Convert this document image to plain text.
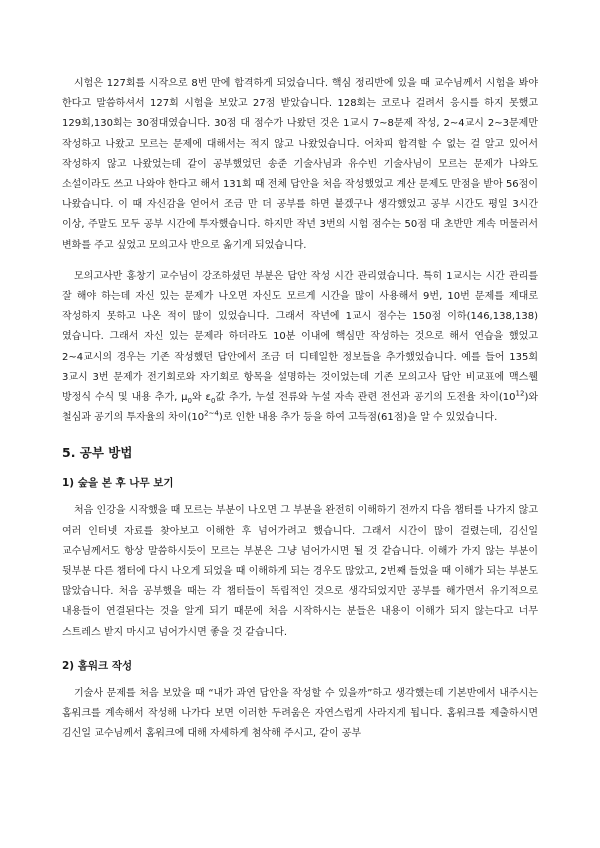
시험은 127회를 시작으로 8번 만에 합격하게 되었습니다. 핵심 정리반에 있을 때 교수님께서 시험을 봐야 한다고 말씀하셔서 127회 시험을 보았고 27점 받았습니다. 128회는 코로나 걸려서 응시를 하지 못했고 129회,130회는 30점대였습니다. 30점 대 점수가 나왔던 것은 1교시 7~8문제 작성, 2~4교시 2~3문제만 작성하고 나왔고 모르는 문제에 대해서는 적지 않고 나왔었습니다. 어차피 합격할 수 없는 걸 알고 있어서 작성하지 않고 나왔었는데 같이 공부했었던 송준 기술사님과 유수빈 기술사님이 모르는 문제가 나와도 소설이라도 쓰고 나와야 한다고 해서 131회 때 전체 답안을 처음 작성했었고 계산 문제도 만점을 받아 56점이 나왔습니다. 이 때 자신감을 얻어서 조금 만 더 공부를 하면 붙겠구나 생각했었고 공부 시간도 평일 3시간 이상, 주말도 모두 공부 시간에 투자했습니다. 하지만 작년 3번의 시험 점수는 50점 대 초반만 계속 머물러서 변화를 주고 싶었고 모의고사 반으로 옮기게 되었습니다.

모의고사반 홍창기 교수님이 강조하셨던 부분은 답안 작성 시간 관리였습니다. 특히 1교시는 시간 관리를 잘 해야 하는데 자신 있는 문제가 나오면 자신도 모르게 시간을 많이 사용해서 9번, 10번 문제를 제대로 작성하지 못하고 나온 적이 많이 있었습니다. 그래서 작년에 1교시 점수는 150점 이하(146,138,138)였습니다. 그래서 자신 있는 문제라 하더라도 10분 이내에 핵심만 작성하는 것으로 해서 연습을 했었고 2~4교시의 경우는 기존 작성했던 답안에서 조금 더 디테일한 정보들을 추가했었습니다. 예를 들어 135회 3교시 3번 문제가 전기회로와 자기회로 항목을 설명하는 것이었는데 기존 모의고사 답안 비교표에 맥스웰 방정식 수식 및 내용 추가, $\mu_0$와 $\varepsilon_0$값 추가, 누설 전류와 누설 자속 관련 전선과 공기의 도전율 차이$(10^{12})$와 철심과 공기의 투자율의 차이$(10^{2\sim 4})$로 인한 내용 추가 등을 하여 고득점(61점)을 알 수 있었습니다.

5. 공부 방법
1) 숲을 본 후 나무 보기

처음 인강을 시작했을 때 모르는 부분이 나오면 그 부분을 완전히 이해하기 전까지 다음 챕터를 나가지 않고 여러 인터넷 자료를 찾아보고 이해한 후 넘어가려고 했습니다. 그래서 시간이 많이 걸렸는데, 김신일 교수님께서도 항상 말씀하시듯이 모르는 부분은 그냥 넘어가시면 될 것 같습니다. 이해가 가지 않는 부분이 뒷부분 다른 챕터에 다시 나오게 되었을 때 이해하게 되는 경우도 많았고, 2번째 들었을 때 이해가 되는 부분도 많았습니다. 처음 공부했을 때는 각 챕터들이 독립적인 것으로 생각되었지만 공부를 해가면서 유기적으로 내용들이 연결된다는 것을 알게 되기 때문에 처음 시작하시는 분들은 내용이 이해가 되지 않는다고 너무 스트레스 받지 마시고 넘어가시면 좋을 것 같습니다.

2) 홈워크 작성

기술사 문제를 처음 보았을 때 “내가 과연 답안을 작성할 수 있을까”하고 생각했는데 기본반에서 내주시는 홈워크를 계속해서 작성해 나가다 보면 이러한 두려움은 자연스럽게 사라지게 됩니다. 홈워크를 제출하시면 김신일 교수님께서 홈워크에 대해 자세하게 첨삭해 주시고, 같이 공부
